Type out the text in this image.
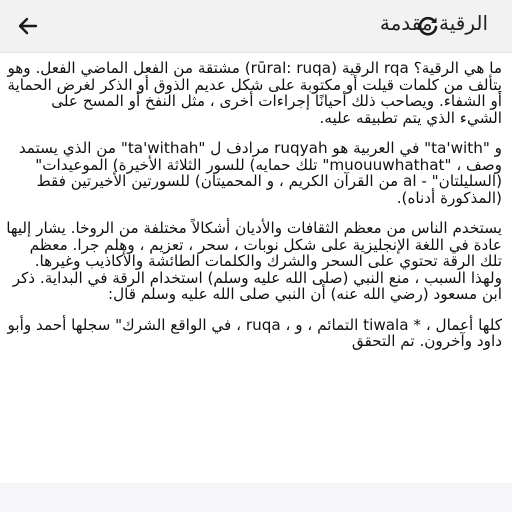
الرقية مقدمة

ما هي الرقية؟ rqa الرقية (rūral: ruqa) مشتقة من الفعل الماضي الفعل. وهو يتألف من كلمات قيلت أو مكتوبة على شكل عديم الذوق أو الذكر لغرض الحماية أو الشفاء. ويصاحب ذلك أحيانًا إجراءات أخرى ، مثل النفخ أو المسح على الشيء الذي يتم تطبيقه عليه.

و "ta'with" في العربية هو ruqyah مرادف ل "ta'withah" من الذي يستمد وصف ، "muouuwhathat" تلك حمايه) للسور الثلاثة الأخيرة) الموعيدات" (السليلتان" - al من القرآن الكريم ، و المحميتان) للسورتين الأخيرتين فقط (المذكورة أدناه).

يستخدم الناس من معظم الثقافات والأديان أشكالاً مختلفة من الروخا. يشار إليها عادة في اللغة الإنجليزية على شكل نوبات ، سحر ، تعزيم ، وهلم جرا. معظم تلك الرقة تحتوي على السحر والشرك والكلمات الطائشة والأكاذيب وغيرها. ولهذا السبب ، منع النبي (صلى الله عليه وسلم) استخدام الرقة في البداية. ذكر ابن مسعود (رضي الله عنه) أن النبي صلى الله عليه وسلم قال:

كلها أعمال ، * tiwala التمائم ، و ، ruqa ، في الواقع الشرك" سجلها أحمد وأبو داود وآخرون. تم التحقق
